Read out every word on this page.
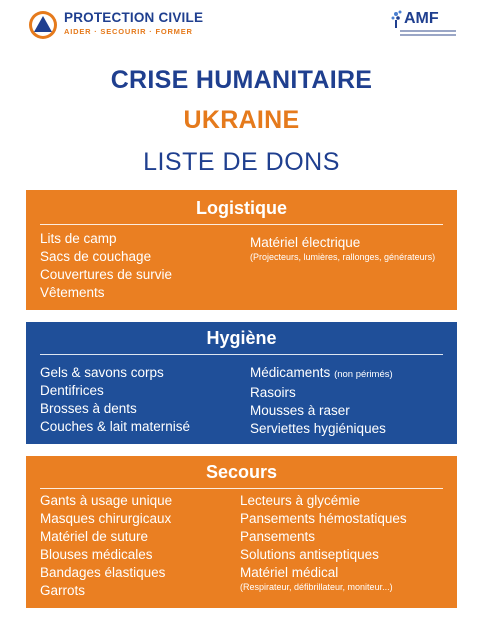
PROTECTION CIVILE
AIDER · SECOURIR · FORMER
AMF
CRISE HUMANITAIRE
UKRAINE
LISTE DE DONS
Logistique
Lits de camp
Sacs de couchage
Couvertures de survie
Vêtements
Matériel électrique
(Projecteurs, lumières, rallonges, générateurs)
Hygiène
Gels & savons corps
Dentifrices
Brosses à dents
Couches & lait maternisé
Médicaments (non périmés)
Rasoirs
Mousses à raser
Serviettes hygiéniques
Secours
Gants à usage unique
Masques chirurgicaux
Matériel de suture
Blouses médicales
Bandages élastiques
Garrots
Lecteurs à glycémie
Pansements hémostatiques
Pansements
Solutions antiseptiques
Matériel médical
(Respirateur, défibrillateur, moniteur...)
